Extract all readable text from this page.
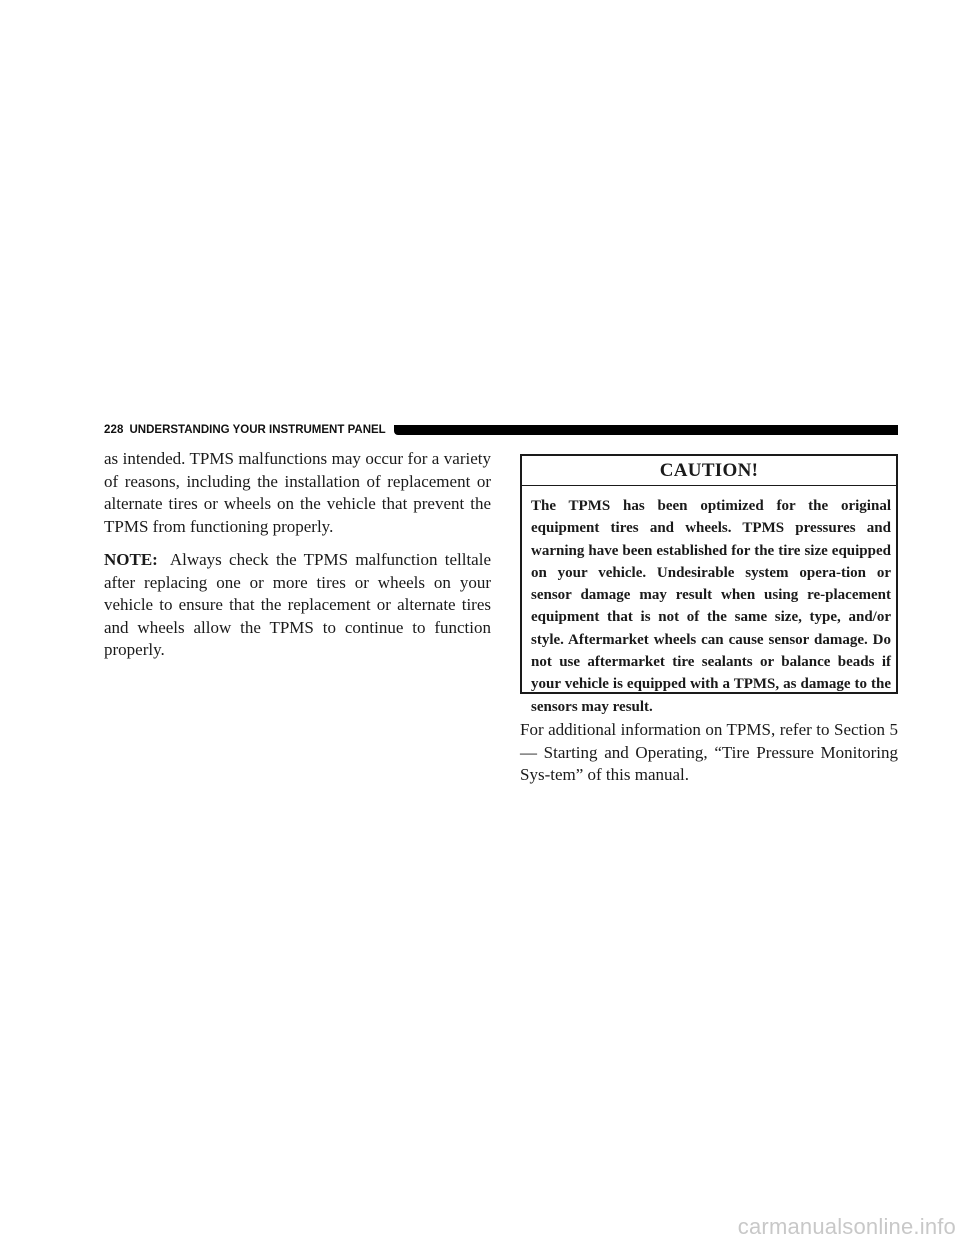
228 UNDERSTANDING YOUR INSTRUMENT PANEL

as intended. TPMS malfunctions may occur for a variety of reasons, including the installation of replacement or alternate tires or wheels on the vehicle that prevent the TPMS from functioning properly.

NOTE: Always check the TPMS malfunction telltale after replacing one or more tires or wheels on your vehicle to ensure that the replacement or alternate tires and wheels allow the TPMS to continue to function properly.

CAUTION!

The TPMS has been optimized for the original equipment tires and wheels. TPMS pressures and warning have been established for the tire size equipped on your vehicle. Undesirable system opera-tion or sensor damage may result when using re-placement equipment that is not of the same size, type, and/or style. Aftermarket wheels can cause sensor damage. Do not use aftermarket tire sealants or balance beads if your vehicle is equipped with a TPMS, as damage to the sensors may result.

For additional information on TPMS, refer to Section 5 — Starting and Operating, “Tire Pressure Monitoring Sys-tem” of this manual.

carmanualsonline.info
